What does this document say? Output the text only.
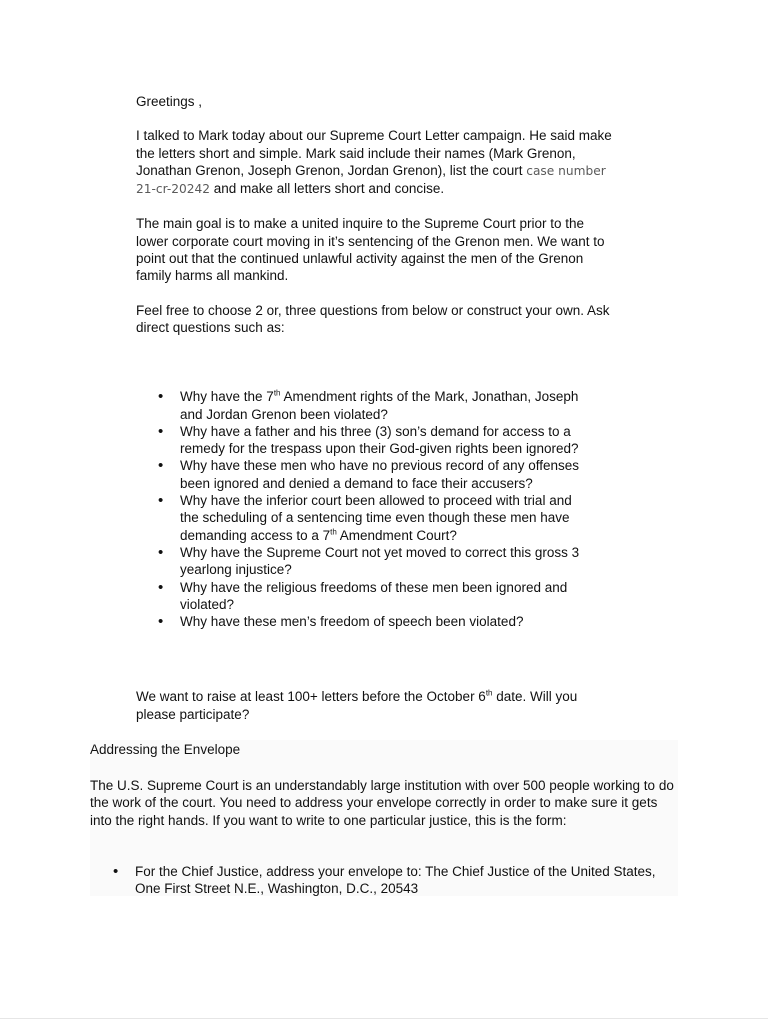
Greetings ,

I talked to Mark today about our Supreme Court Letter campaign. He said make the letters short and simple. Mark said include their names (Mark Grenon, Jonathan Grenon, Joseph Grenon, Jordan Grenon), list the court case number 21-cr-20242 and make all letters short and concise.

The main goal is to make a united inquire to the Supreme Court prior to the lower corporate court moving in it’s sentencing of the Grenon men. We want to point out that the continued unlawful activity against the men of the Grenon family harms all mankind.

Feel free to choose 2 or, three questions from below or construct your own. Ask direct questions such as:

• Why have the 7th Amendment rights of the Mark, Jonathan, Joseph and Jordan Grenon been violated?
• Why have a father and his three (3) son’s demand for access to a remedy for the trespass upon their God-given rights been ignored?
• Why have these men who have no previous record of any offenses been ignored and denied a demand to face their accusers?
• Why have the inferior court been allowed to proceed with trial and the scheduling of a sentencing time even though these men have demanding access to a 7th Amendment Court?
• Why have the Supreme Court not yet moved to correct this gross 3 yearlong injustice?
• Why have the religious freedoms of these men been ignored and violated?
• Why have these men’s freedom of speech been violated?

We want to raise at least 100+ letters before the October 6th date. Will you please participate?

Addressing the Envelope

The U.S. Supreme Court is an understandably large institution with over 500 people working to do the work of the court. You need to address your envelope correctly in order to make sure it gets into the right hands. If you want to write to one particular justice, this is the form:

• For the Chief Justice, address your envelope to: The Chief Justice of the United States, One First Street N.E., Washington, D.C., 20543
